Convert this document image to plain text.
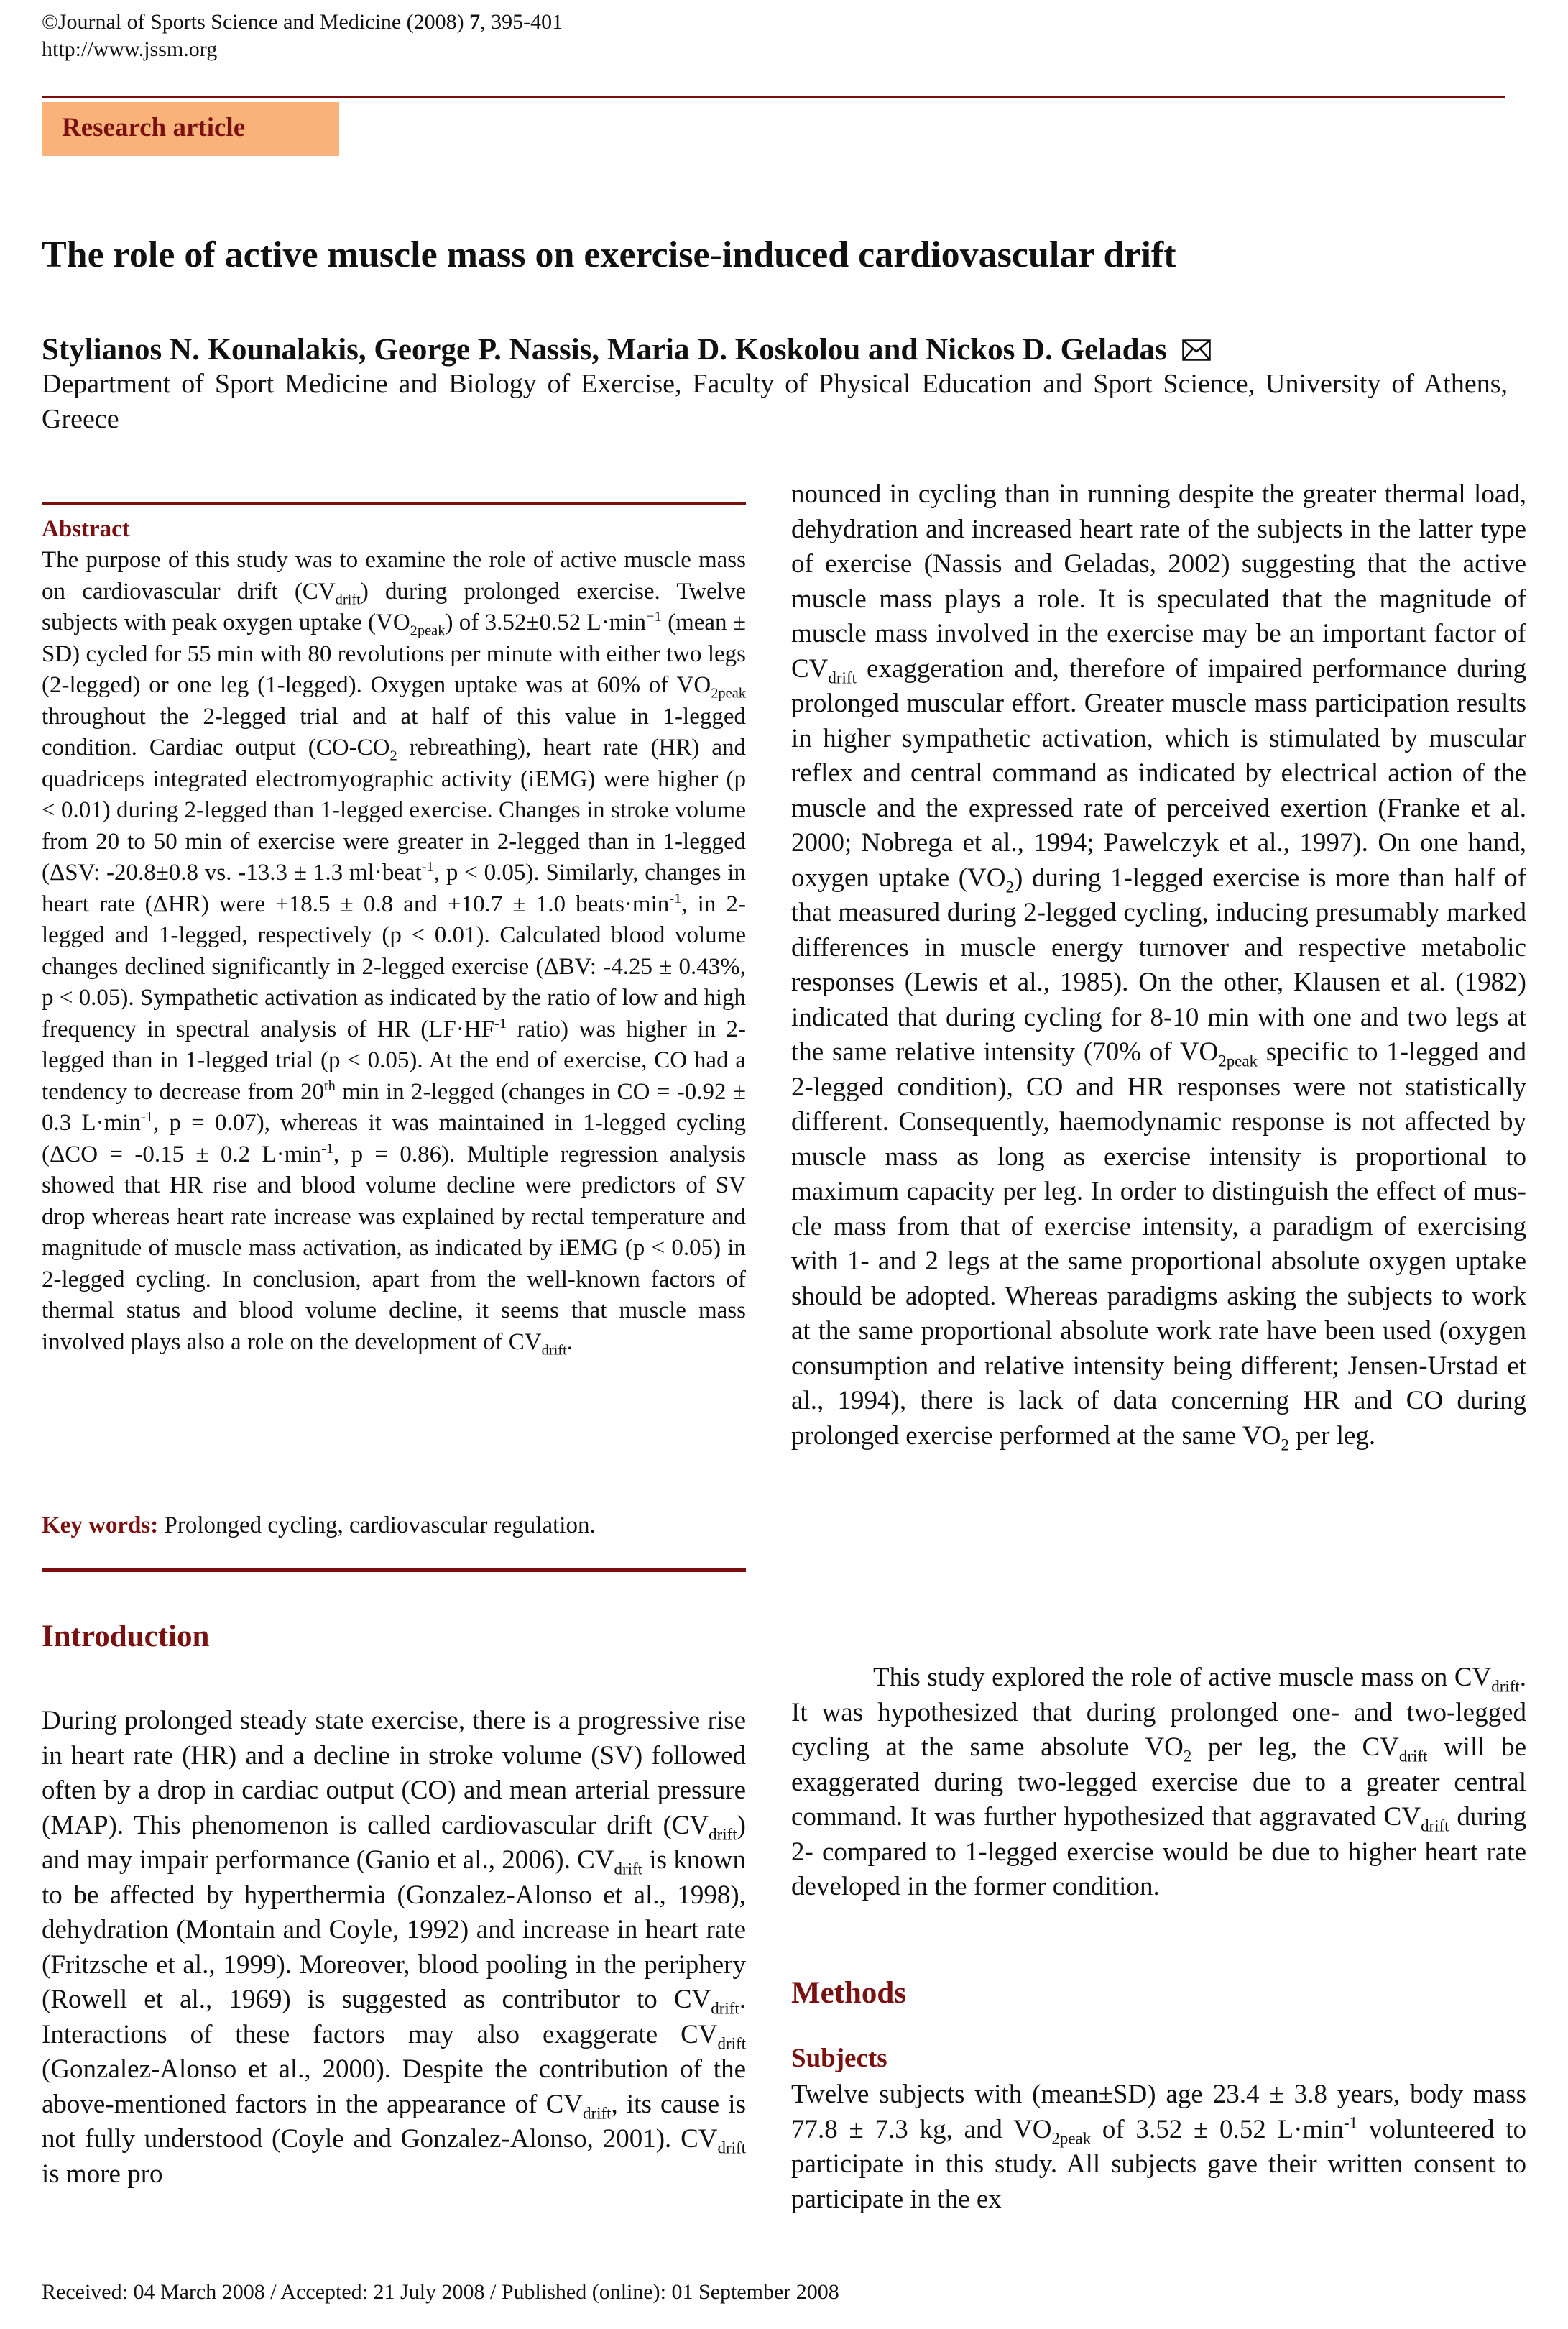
©Journal of Sports Science and Medicine (2008) 7, 395-401
http://www.jssm.org
Research article
The role of active muscle mass on exercise-induced cardiovascular drift
Stylianos N. Kounalakis, George P. Nassis, Maria D. Koskolou and Nickos D. Geladas
Department of Sport Medicine and Biology of Exercise, Faculty of Physical Education and Sport Science, University of Athens, Greece
Abstract
The purpose of this study was to examine the role of active muscle mass on cardiovascular drift $(CV_{drift})$ during prolonged exercise. Twelve subjects with peak oxygen uptake $(VO_{2peak})$ of 3.52±0.52 $L\cdot\min^{-1}$ (mean ± SD) cycled for 55 min with 80 revolutions per minute with either two legs (2-legged) or one leg (1-legged). Oxygen uptake was at 60% of $VO_{2peak}$ throughout the 2-legged trial and at half of this value in 1-legged condition. Cardiac output ($CO-CO_2$ rebreathing), heart rate (HR) and quadriceps integrated electromyographic activity (iEMG) were higher (p < 0.01) during 2-legged than 1-legged exercise. Changes in stroke volume from 20 to 50 min of exercise were greater in 2-legged than in 1-legged (ΔSV: -20.8±0.8 vs. -13.3 ± 1.3 ml·beat$^{-1}$, p < 0.05). Similarly, changes in heart rate (ΔHR) were +18.5 ± 0.8 and +10.7 ± 1.0 $beats\cdot\min^{-1}$, in 2-legged and 1-legged, respectively (p < 0.01). Calculated blood volume changes declined significantly in 2-legged exercise (ΔBV: -4.25 ± 0.43%, p < 0.05). Sympathetic activation as indicated by the ratio of low and high frequency in spectral analysis of HR ($LF\cdot HF^{-1}$ ratio) was higher in 2-legged than in 1-legged trial (p < 0.05). At the end of exercise, CO had a tendency to decrease from 20th min in 2-legged (changes in CO = -0.92 ± 0.3 $L\cdot\min^{-1}$, p = 0.07), whereas it was maintained in 1-legged cycling (ΔCO = -0.15 ± 0.2 $L\cdot\min^{-1}$, p = 0.86). Multiple regression analysis showed that HR rise and blood volume decline were predictors of SV drop whereas heart rate increase was explained by rectal temperature and magnitude of muscle mass activation, as indicated by iEMG (p < 0.05) in 2-legged cycling. In conclusion, apart from the well-known factors of thermal status and blood volume decline, it seems that muscle mass involved plays also a role on the development of $CV_{drift}$.
Key words: Prolonged cycling, cardiovascular regulation.
Introduction
During prolonged steady state exercise, there is a progressive rise in heart rate (HR) and a decline in stroke volume (SV) followed often by a drop in cardiac output (CO) and mean arterial pressure (MAP). This phenomenon is called cardiovascular drift $(CV_{drift})$ and may impair performance (Ganio et al., 2006). $CV_{drift}$ is known to be affected by hyperthermia (Gonzalez-Alonso et al., 1998), dehydration (Montain and Coyle, 1992) and increase in heart rate (Fritzsche et al., 1999). Moreover, blood pooling in the periphery (Rowell et al., 1969) is suggested as contributor to $CV_{drift}$. Interactions of these factors may also exaggerate $CV_{drift}$ (Gonzalez-Alonso et al., 2000). Despite the contribution of the above-mentioned factors in the appearance of $CV_{drift}$, its cause is not fully understood (Coyle and Gonzalez-Alonso, 2001). $CV_{drift}$ is more pro
nounced in cycling than in running despite the greater thermal load, dehydration and increased heart rate of the subjects in the latter type of exercise (Nassis and Geladas, 2002) suggesting that the active muscle mass plays a role. It is speculated that the magnitude of muscle mass involved in the exercise may be an important factor of $CV_{drift}$ exaggeration and, therefore of impaired performance during prolonged muscular effort. Greater muscle mass participation results in higher sympathetic activation, which is stimulated by muscular reflex and central command as indicated by electrical action of the muscle and the expressed rate of perceived exertion (Franke et al. 2000; Nobrega et al., 1994; Pawelczyk et al., 1997). On one hand, oxygen uptake $(VO_2)$ during 1-legged exercise is more than half of that measured during 2-legged cycling, inducing presumably marked differences in muscle energy turnover and respective metabolic responses (Lewis et al., 1985). On the other, Klausen et al. (1982) indicated that during cycling for 8-10 min with one and two legs at the same relative intensity (70% of $VO_{2peak}$ specific to 1-legged and 2-legged condition), CO and HR responses were not statistically different. Consequently, haemodynamic response is not affected by muscle mass as long as exercise intensity is proportional to maximum capacity per leg. In order to distinguish the effect of muscle mass from that of exercise intensity, a paradigm of exercising with 1- and 2 legs at the same proportional absolute oxygen uptake should be adopted. Whereas paradigms asking the subjects to work at the same proportional absolute work rate have been used (oxygen consumption and relative intensity being different; Jensen-Urstad et al., 1994), there is lack of data concerning HR and CO during prolonged exercise performed at the same $VO_2$ per leg.
This study explored the role of active muscle mass on $CV_{drift}$. It was hypothesized that during prolonged one- and two-legged cycling at the same absolute $VO_2$ per leg, the $CV_{drift}$ will be exaggerated during two-legged exercise due to a greater central command. It was further hypothesized that aggravated $CV_{drift}$ during 2- compared to 1-legged exercise would be due to higher heart rate developed in the former condition.
Methods
Subjects
Twelve subjects with (mean±SD) age 23.4 ± 3.8 years, body mass 77.8 ± 7.3 kg, and $VO_{2peak}$ of 3.52 ± 0.52 $L\cdot\min^{-1}$ volunteered to participate in this study. All subjects gave their written consent to participate in the ex
Received: 04 March 2008 / Accepted: 21 July 2008 / Published (online): 01 September 2008
